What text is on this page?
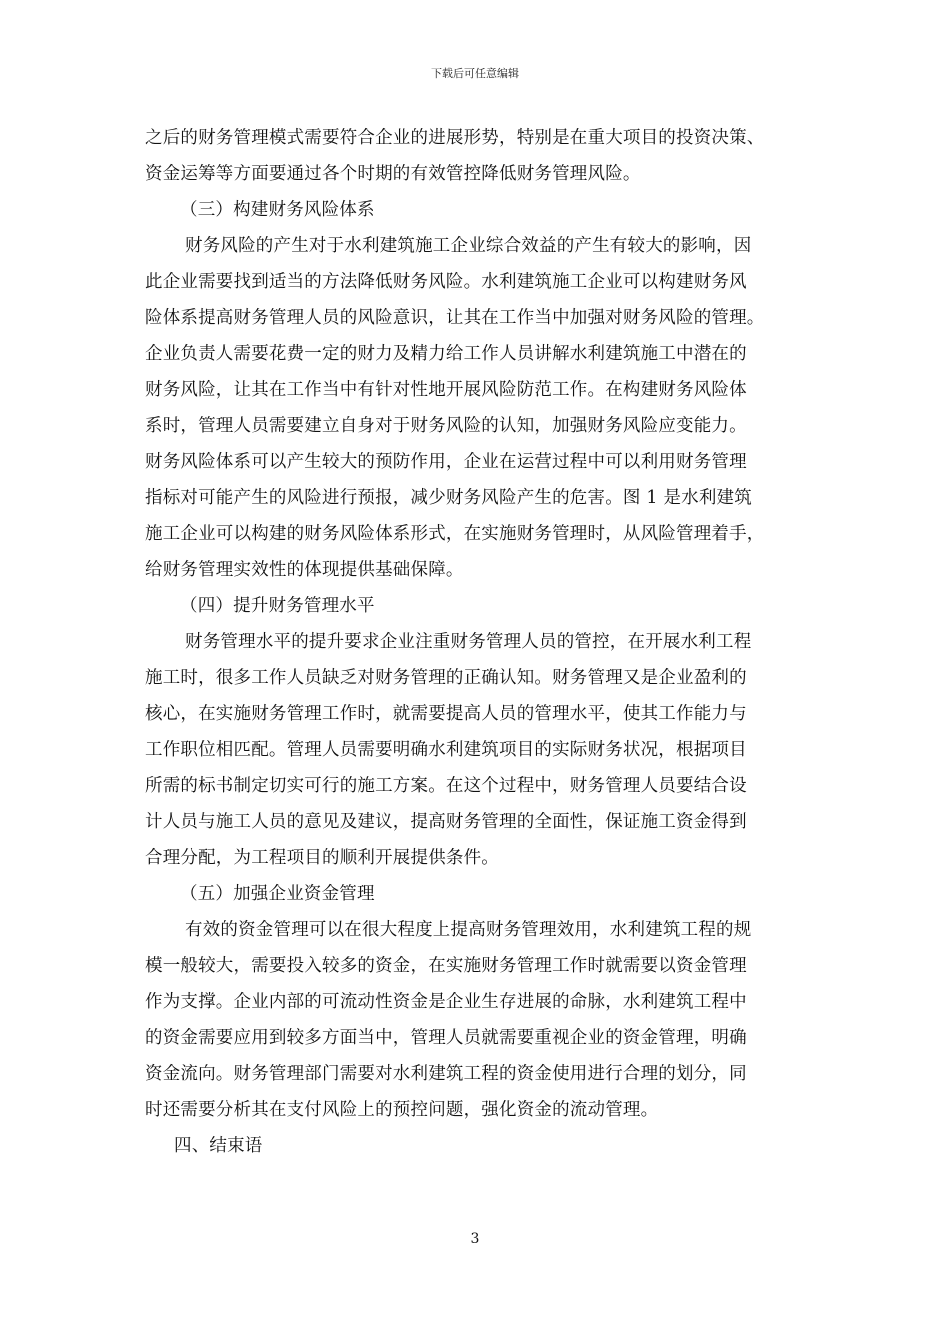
下载后可任意编辑
之后的财务管理模式需要符合企业的进展形势，特别是在重大项目的投资决策、
资金运筹等方面要通过各个时期的有效管控降低财务管理风险。
（三）构建财务风险体系
财务风险的产生对于水利建筑施工企业综合效益的产生有较大的影响，因
此企业需要找到适当的方法降低财务风险。水利建筑施工企业可以构建财务风
险体系提高财务管理人员的风险意识，让其在工作当中加强对财务风险的管理。
企业负责人需要花费一定的财力及精力给工作人员讲解水利建筑施工中潜在的
财务风险，让其在工作当中有针对性地开展风险防范工作。在构建财务风险体
系时，管理人员需要建立自身对于财务风险的认知，加强财务风险应变能力。
财务风险体系可以产生较大的预防作用，企业在运营过程中可以利用财务管理
指标对可能产生的风险进行预报，减少财务风险产生的危害。图 1 是水利建筑
施工企业可以构建的财务风险体系形式，在实施财务管理时，从风险管理着手，
给财务管理实效性的体现提供基础保障。
（四）提升财务管理水平
财务管理水平的提升要求企业注重财务管理人员的管控，在开展水利工程
施工时，很多工作人员缺乏对财务管理的正确认知。财务管理又是企业盈利的
核心，在实施财务管理工作时，就需要提高人员的管理水平，使其工作能力与
工作职位相匹配。管理人员需要明确水利建筑项目的实际财务状况，根据项目
所需的标书制定切实可行的施工方案。在这个过程中，财务管理人员要结合设
计人员与施工人员的意见及建议，提高财务管理的全面性，保证施工资金得到
合理分配，为工程项目的顺利开展提供条件。
（五）加强企业资金管理
有效的资金管理可以在很大程度上提高财务管理效用，水利建筑工程的规
模一般较大，需要投入较多的资金，在实施财务管理工作时就需要以资金管理
作为支撑。企业内部的可流动性资金是企业生存进展的命脉，水利建筑工程中
的资金需要应用到较多方面当中，管理人员就需要重视企业的资金管理，明确
资金流向。财务管理部门需要对水利建筑工程的资金使用进行合理的划分，同
时还需要分析其在支付风险上的预控问题，强化资金的流动管理。
四、结束语
3
